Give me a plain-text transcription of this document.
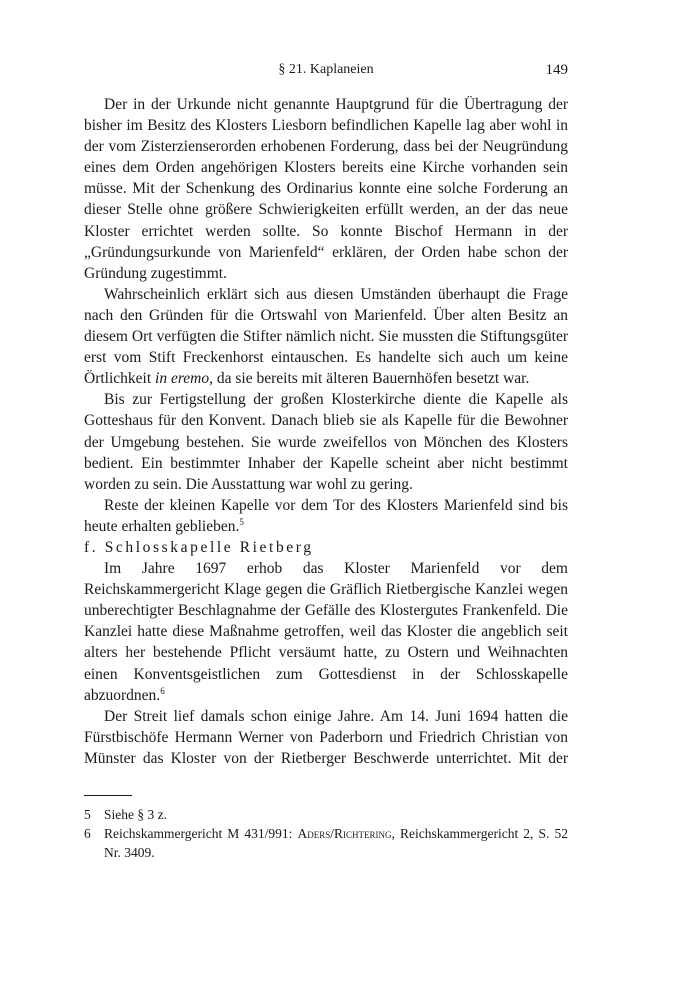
§ 21. Kaplaneien	149

Der in der Urkunde nicht genannte Hauptgrund für die Übertragung der bisher im Besitz des Klosters Liesborn befindlichen Kapelle lag aber wohl in der vom Zisterzienserorden erhobenen Forderung, dass bei der Neugründung eines dem Orden angehörigen Klosters bereits eine Kirche vorhanden sein müsse. Mit der Schenkung des Ordinarius konnte eine solche Forderung an dieser Stelle ohne größere Schwierigkeiten erfüllt werden, an der das neue Kloster errichtet werden sollte. So konnte Bischof Hermann in der „Gründungsurkunde von Marienfeld“ erklären, der Orden habe schon der Gründung zugestimmt.

Wahrscheinlich erklärt sich aus diesen Umständen überhaupt die Frage nach den Gründen für die Ortswahl von Marienfeld. Über alten Besitz an diesem Ort verfügten die Stifter nämlich nicht. Sie mussten die Stiftungsgüter erst vom Stift Freckenhorst eintauschen. Es handelte sich auch um keine Örtlichkeit in eremo, da sie bereits mit älteren Bauernhöfen besetzt war.

Bis zur Fertigstellung der großen Klosterkirche diente die Kapelle als Gotteshaus für den Konvent. Danach blieb sie als Kapelle für die Bewohner der Umgebung bestehen. Sie wurde zweifellos von Mönchen des Klosters bedient. Ein bestimmter Inhaber der Kapelle scheint aber nicht bestimmt worden zu sein. Die Ausstattung war wohl zu gering.

Reste der kleinen Kapelle vor dem Tor des Klosters Marienfeld sind bis heute erhalten geblieben.$^5$

f. Schlosskapelle Rietberg

Im Jahre 1697 erhob das Kloster Marienfeld vor dem Reichskammergericht Klage gegen die Gräflich Rietbergische Kanzlei wegen unberechtigter Beschlagnahme der Gefälle des Klostergutes Frankenfeld. Die Kanzlei hatte diese Maßnahme getroffen, weil das Kloster die angeblich seit alters her bestehende Pflicht versäumt hatte, zu Ostern und Weihnachten einen Konventsgeistlichen zum Gottesdienst in der Schlosskapelle abzuordnen.$^6$

Der Streit lief damals schon einige Jahre. Am 14. Juni 1694 hatten die Fürstbischöfe Hermann Werner von Paderborn und Friedrich Christian von Münster das Kloster von der Rietberger Beschwerde unterrichtet. Mit der

5 Siehe § 3 z.
6 Reichskammergericht M 431/991: Aders/Richtering, Reichskammergericht 2, S. 52 Nr. 3409.
